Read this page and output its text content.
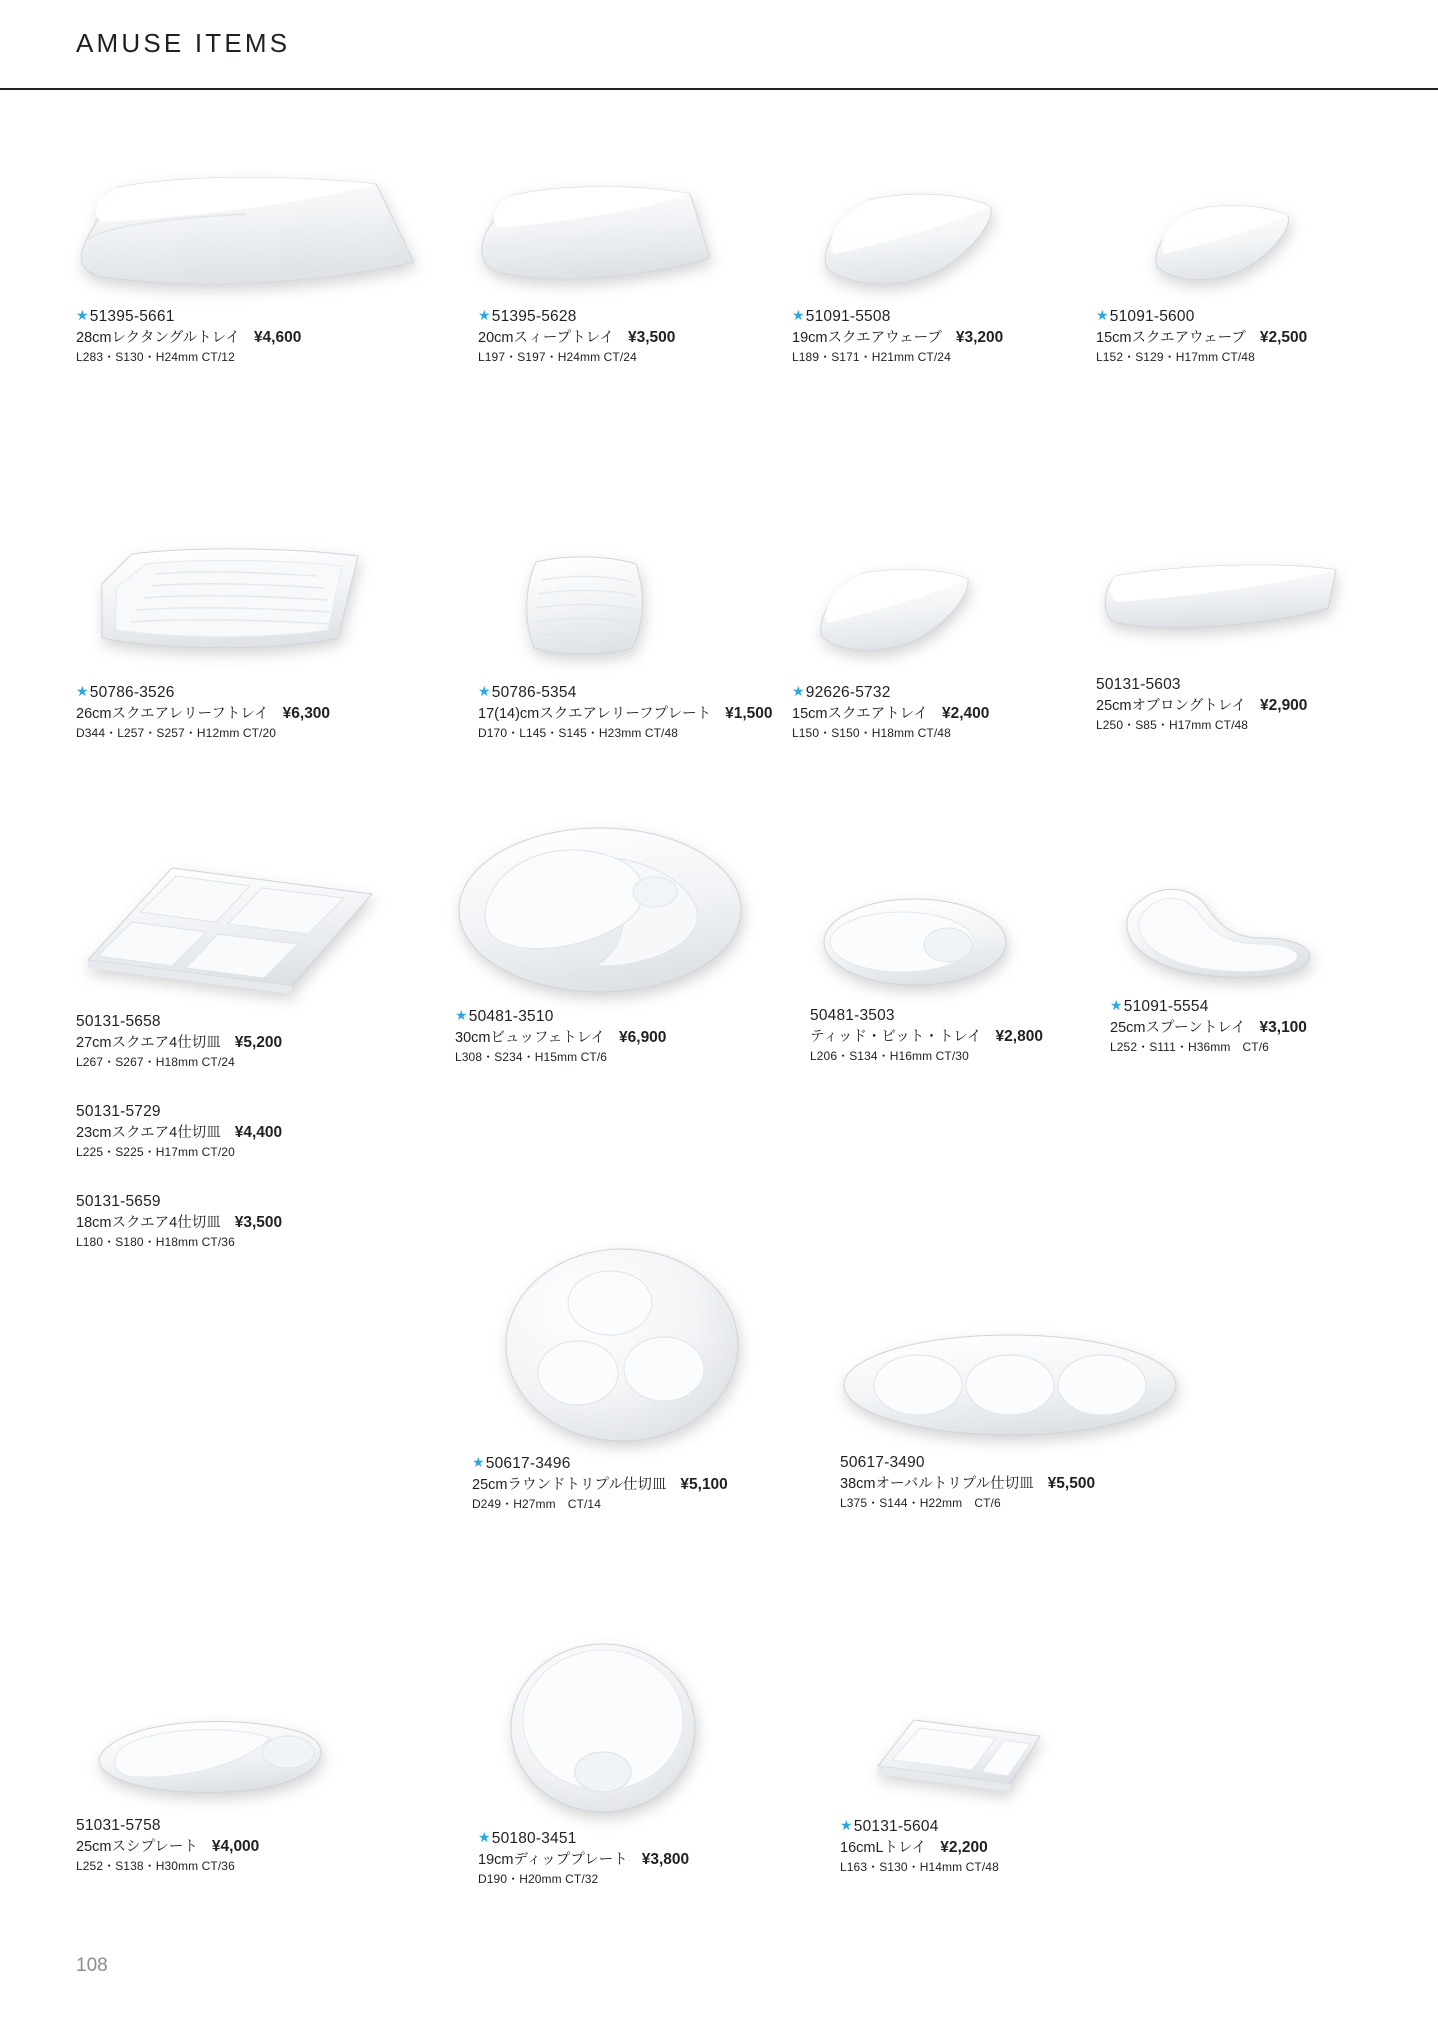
AMUSE ITEMS
★51395-5661
28cmレクタングルトレイ ¥4,600
L283・S130・H24mm CT/12
★51395-5628
20cmスィープトレイ ¥3,500
L197・S197・H24mm CT/24
★51091-5508
19cmスクエアウェーブ ¥3,200
L189・S171・H21mm CT/24
★51091-5600
15cmスクエアウェーブ ¥2,500
L152・S129・H17mm CT/48
★50786-3526
26cmスクエアレリーフトレイ ¥6,300
D344・L257・S257・H12mm CT/20
★50786-5354
17(14)cmスクエアレリーフプレート ¥1,500
D170・L145・S145・H23mm CT/48
★92626-5732
15cmスクエアトレイ ¥2,400
L150・S150・H18mm CT/48
50131-5603
25cmオブロングトレイ ¥2,900
L250・S85・H17mm CT/48
50131-5658
27cmスクエア4仕切皿 ¥5,200
L267・S267・H18mm CT/24
50131-5729
23cmスクエア4仕切皿 ¥4,400
L225・S225・H17mm CT/20
50131-5659
18cmスクエア4仕切皿 ¥3,500
L180・S180・H18mm CT/36
★50481-3510
30cmビュッフェトレイ ¥6,900
L308・S234・H15mm CT/6
50481-3503
ティッド・ビット・トレイ ¥2,800
L206・S134・H16mm CT/30
★51091-5554
25cmスプーントレイ ¥3,100
L252・S111・H36mm　CT/6
★50617-3496
25cmラウンドトリプル仕切皿 ¥5,100
D249・H27mm　CT/14
50617-3490
38cmオーバルトリプル仕切皿 ¥5,500
L375・S144・H22mm　CT/6
51031-5758
25cmスシプレート ¥4,000
L252・S138・H30mm CT/36
★50180-3451
19cmディッププレート ¥3,800
D190・H20mm CT/32
★50131-5604
16cmLトレイ ¥2,200
L163・S130・H14mm CT/48
108
